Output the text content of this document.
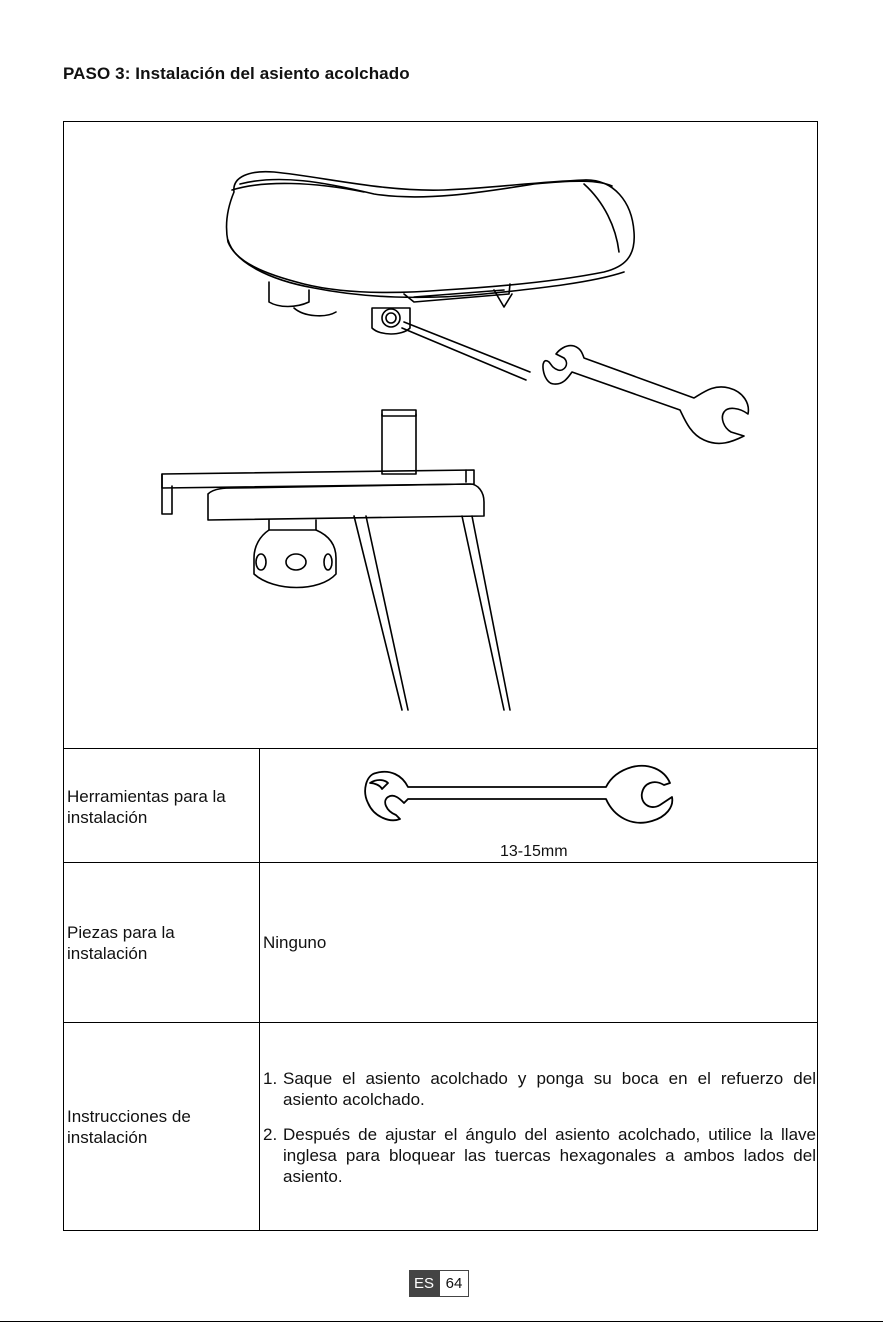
PASO 3: Instalación del asiento acolchado
Herramientas para la instalación
13-15mm
Piezas para la instalación
Ninguno
Instrucciones de instalación
1. Saque el asiento acolchado y ponga su boca en el refuerzo del asiento acolchado.
2. Después de ajustar el ángulo del asiento acolchado, utilice la llave inglesa para bloquear las tuercas hexagonales a ambos lados del asiento.
ES 64
